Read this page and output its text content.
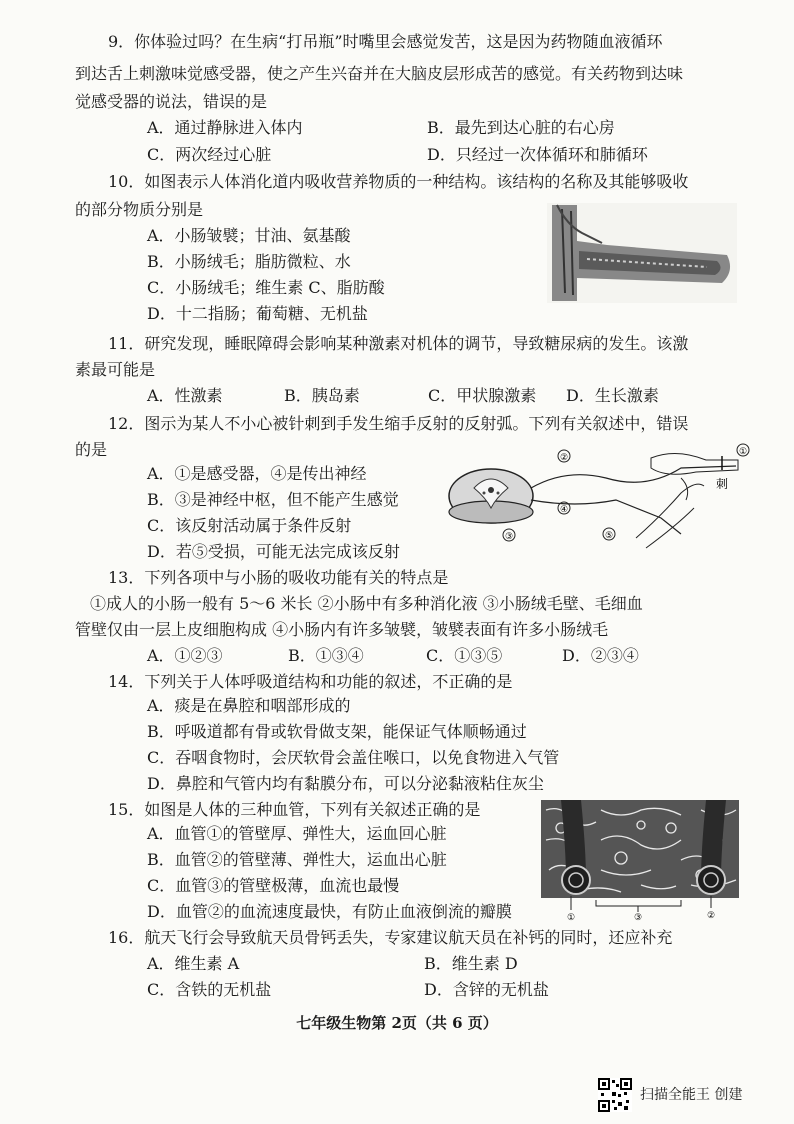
9．你体验过吗？在生病“打吊瓶”时嘴里会感觉发苦，这是因为药物随血液循环
到达舌上刺激味觉感受器，使之产生兴奋并在大脑皮层形成苦的感觉。有关药物到达味
觉感受器的说法，错误的是
A．通过静脉进入体内	B．最先到达心脏的右心房
C．两次经过心脏	D．只经过一次体循环和肺循环
10．如图表示人体消化道内吸收营养物质的一种结构。该结构的名称及其能够吸收
的部分物质分别是
A．小肠皱襞；甘油、氨基酸
B．小肠绒毛；脂肪微粒、水
C．小肠绒毛；维生素 C、脂肪酸
D．十二指肠；葡萄糖、无机盐
11．研究发现，睡眠障碍会影响某种激素对机体的调节，导致糖尿病的发生。该激
素最可能是
A．性激素	B．胰岛素	C．甲状腺激素 D．生长激素
12．图示为某人不小心被针刺到手发生缩手反射的反射弧。下列有关叙述中，错误
的是
A．①是感受器，④是传出神经
B．③是神经中枢，但不能产生感觉
C．该反射活动属于条件反射
D．若⑤受损，可能无法完成该反射
①
②
③
④
⑤
刺
13．下列各项中与小肠的吸收功能有关的特点是
①成人的小肠一般有 5～6 米长 ②小肠中有多种消化液 ③小肠绒毛壁、毛细血
管壁仅由一层上皮细胞构成 ④小肠内有许多皱襞，皱襞表面有许多小肠绒毛
A．①②③	B．①③④	C．①③⑤	D．②③④
14．下列关于人体呼吸道结构和功能的叙述，不正确的是
A．痰是在鼻腔和咽部形成的
B．呼吸道都有骨或软骨做支架，能保证气体顺畅通过
C．吞咽食物时，会厌软骨会盖住喉口，以免食物进入气管
D．鼻腔和气管内均有黏膜分布，可以分泌黏液粘住灰尘
15．如图是人体的三种血管，下列有关叙述正确的是
A．血管①的管壁厚、弹性大，运血回心脏
B．血管②的管壁薄、弹性大，运血出心脏
C．血管③的管壁极薄，血流也最慢
D．血管②的血流速度最快，有防止血液倒流的瓣膜	①	③	②
16．航天飞行会导致航天员骨钙丢失，专家建议航天员在补钙的同时，还应补充
A．维生素 A	B．维生素 D
C．含铁的无机盐	D．含锌的无机盐
七年级生物第 2页（共 6 页）
扫描全能王 创建
